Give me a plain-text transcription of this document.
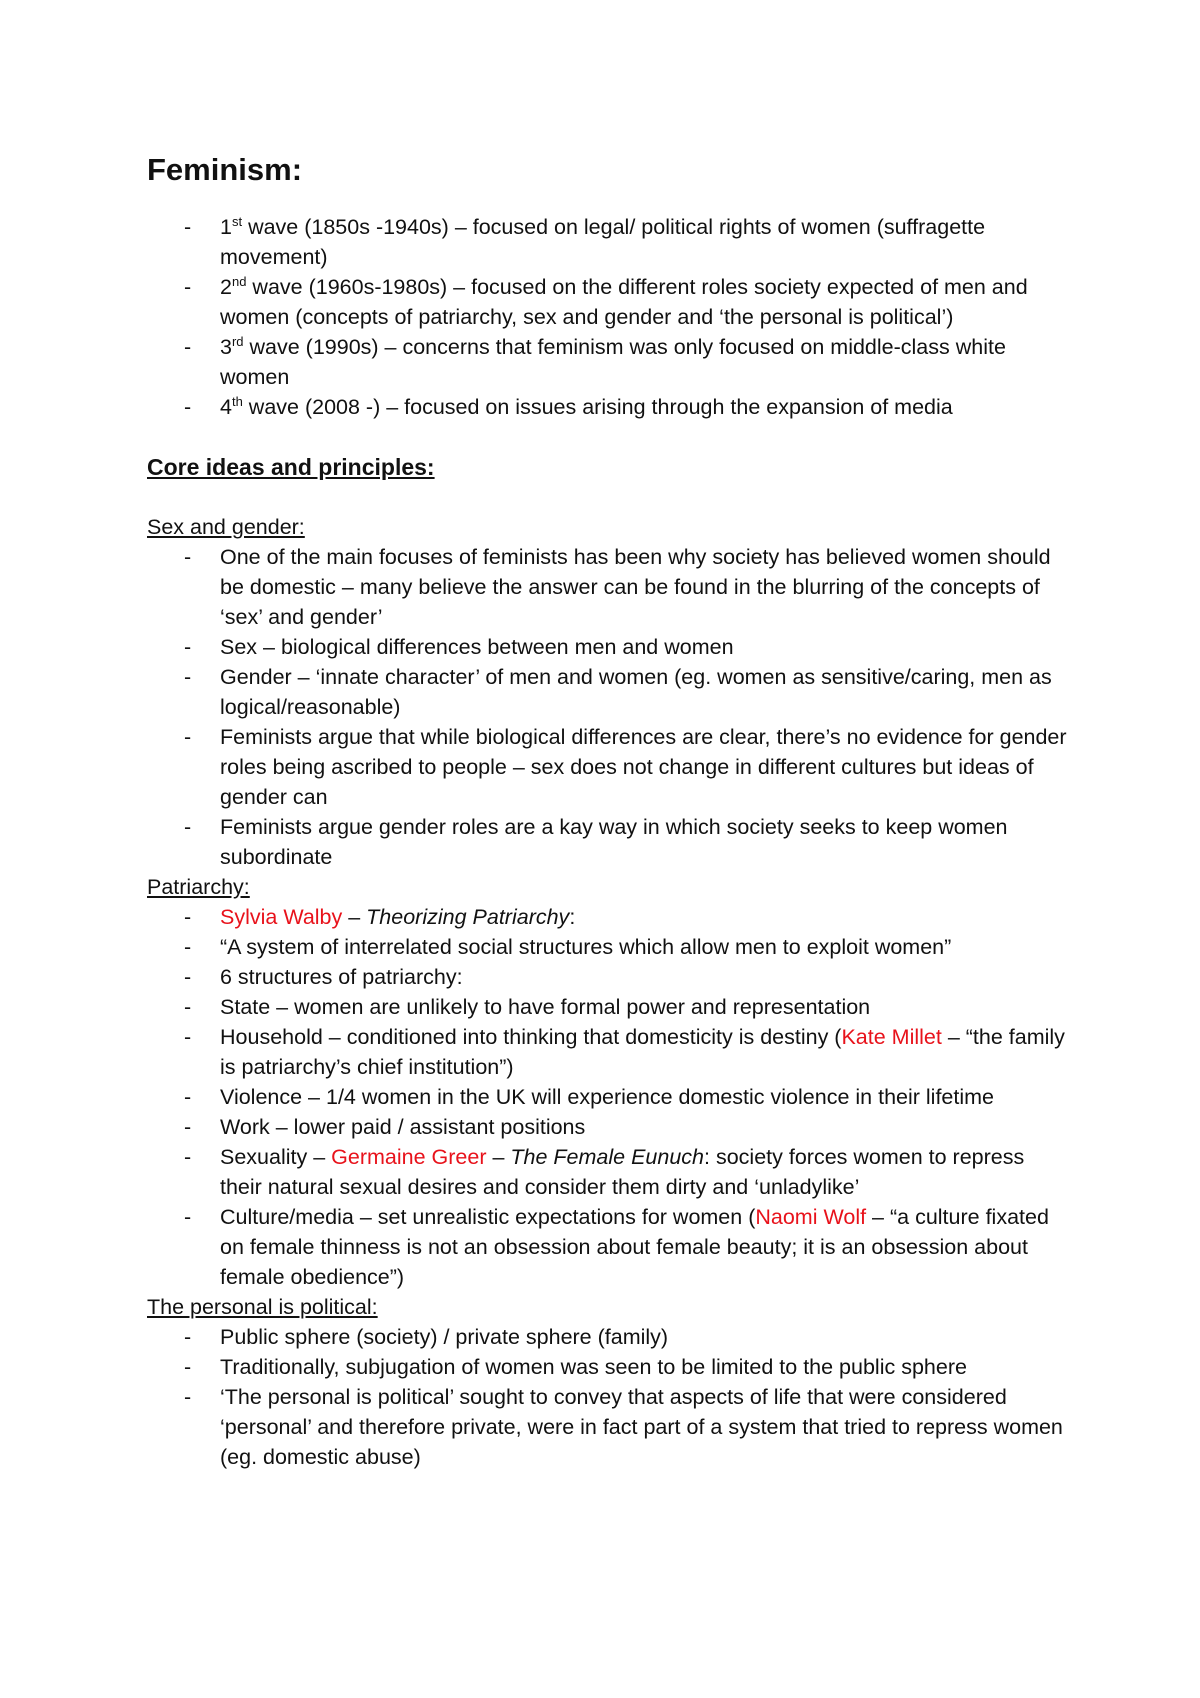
Feminism:
- 1st wave (1850s -1940s) – focused on legal/ political rights of women (suffragette movement)
- 2nd wave (1960s-1980s) – focused on the different roles society expected of men and women (concepts of patriarchy, sex and gender and ‘the personal is political’)
- 3rd wave (1990s) – concerns that feminism was only focused on middle-class white women
- 4th wave (2008 -) – focused on issues arising through the expansion of media
Core ideas and principles:
Sex and gender:
- One of the main focuses of feminists has been why society has believed women should be domestic – many believe the answer can be found in the blurring of the concepts of ‘sex’ and gender’
- Sex – biological differences between men and women
- Gender – ‘innate character’ of men and women (eg. women as sensitive/caring, men as logical/reasonable)
- Feminists argue that while biological differences are clear, there’s no evidence for gender roles being ascribed to people – sex does not change in different cultures but ideas of gender can
- Feminists argue gender roles are a kay way in which society seeks to keep women subordinate
Patriarchy:
- Sylvia Walby – Theorizing Patriarchy:
- “A system of interrelated social structures which allow men to exploit women”
- 6 structures of patriarchy:
- State – women are unlikely to have formal power and representation
- Household – conditioned into thinking that domesticity is destiny (Kate Millet – “the family is patriarchy’s chief institution”)
- Violence – 1/4 women in the UK will experience domestic violence in their lifetime
- Work – lower paid / assistant positions
- Sexuality – Germaine Greer – The Female Eunuch: society forces women to repress their natural sexual desires and consider them dirty and ‘unladylike’
- Culture/media – set unrealistic expectations for women (Naomi Wolf – “a culture fixated on female thinness is not an obsession about female beauty; it is an obsession about female obedience”)
The personal is political:
- Public sphere (society) / private sphere (family)
- Traditionally, subjugation of women was seen to be limited to the public sphere
- ‘The personal is political’ sought to convey that aspects of life that were considered ‘personal’ and therefore private, were in fact part of a system that tried to repress women (eg. domestic abuse)
